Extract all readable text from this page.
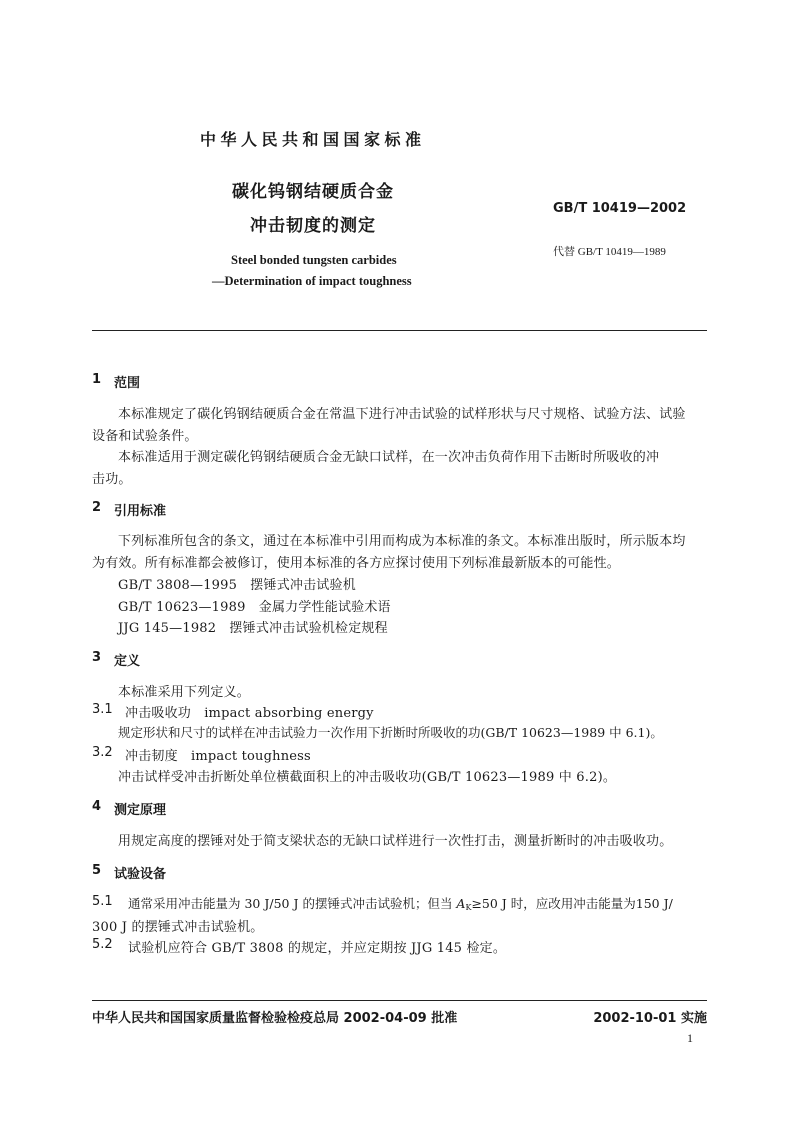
中华人民共和国国家标准
碳化钨钢结硬质合金
冲击韧度的测定
Steel bonded tungsten carbides
—Determination of impact toughness
GB/T 10419—2002
代替 GB/T 10419—1989
1 范围
本标准规定了碳化钨钢结硬质合金在常温下进行冲击试验的试样形状与尺寸规格、试验方法、试验
设备和试验条件。
本标准适用于测定碳化钨钢结硬质合金无缺口试样，在一次冲击负荷作用下击断时所吸收的冲
击功。
2 引用标准
下列标准所包含的条文，通过在本标准中引用而构成为本标准的条文。本标准出版时，所示版本均
为有效。所有标准都会被修订，使用本标准的各方应探讨使用下列标准最新版本的可能性。
GB/T 3808—1995　摆锤式冲击试验机
GB/T 10623—1989　金属力学性能试验术语
JJG 145—1982　摆锤式冲击试验机检定规程
3 定义
本标准采用下列定义。
3.1 冲击吸收功　impact absorbing energy
规定形状和尺寸的试样在冲击试验力一次作用下折断时所吸收的功(GB/T 10623—1989 中 6.1)。
3.2 冲击韧度　impact toughness
冲击试样受冲击折断处单位横截面积上的冲击吸收功(GB/T 10623—1989 中 6.2)。
4 测定原理
用规定高度的摆锤对处于简支梁状态的无缺口试样进行一次性打击，测量折断时的冲击吸收功。
5 试验设备
5.1 通常采用冲击能量为 30 J/50 J 的摆锤式冲击试验机；但当 $A_K\ge 50$ J 时，应改用冲击能量为150 J/
300 J 的摆锤式冲击试验机。
5.2 试验机应符合 GB/T 3808 的规定，并应定期按 JJG 145 检定。
中华人民共和国国家质量监督检验检疫总局 2002-04-09 批准	2002-10-01 实施
1
